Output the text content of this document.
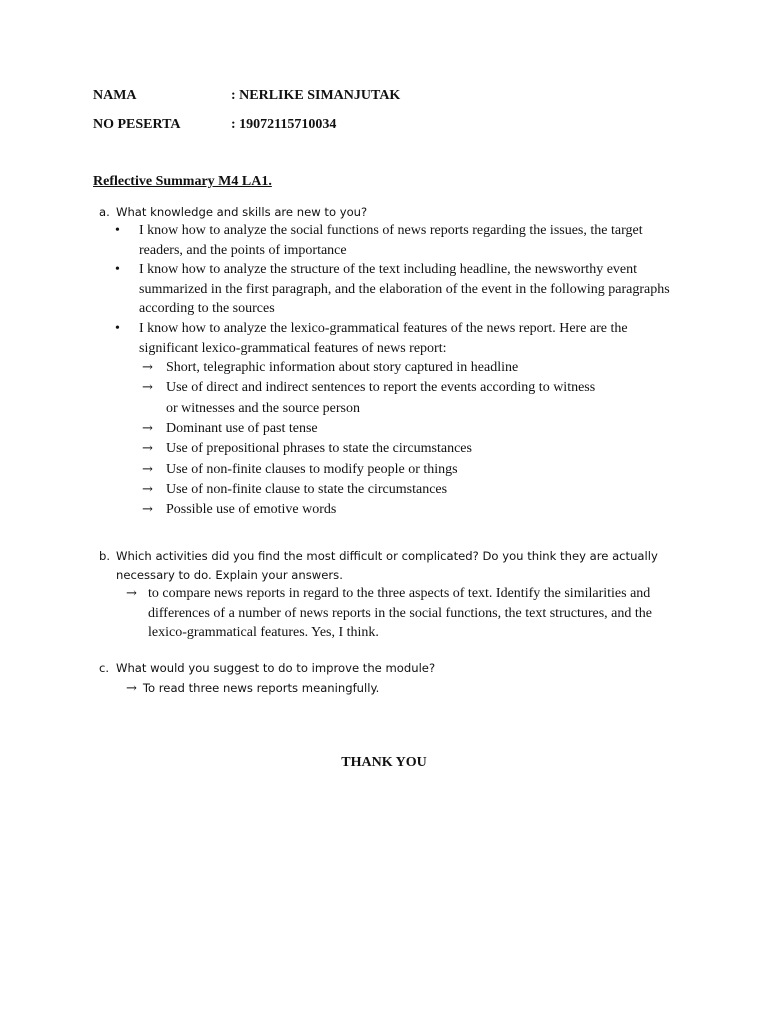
NAMA	: NERLIKE SIMANJUTAK
NO PESERTA	: 19072115710034
Reflective Summary M4 LA1.
a. What knowledge and skills are new to you?
• I know how to analyze the social functions of news reports regarding the issues, the target readers, and the points of importance
• I know how to analyze the structure of the text including headline, the newsworthy event summarized in the first paragraph, and the elaboration of the event in the following paragraphs according to the sources
• I know how to analyze the lexico-grammatical features of the news report. Here are the significant lexico-grammatical features of news report:
→ Short, telegraphic information about story captured in headline
→ Use of direct and indirect sentences to report the events according to witness   or witnesses and the source person
→ Dominant use of past tense
→ Use of prepositional phrases to state the circumstances
→ Use of non-finite clauses to modify people or things
→ Use of non-finite clause to state the circumstances
→ Possible use of emotive words
b. Which activities did you find the most difficult or complicated? Do you think they are actually necessary to do. Explain your answers.
→ to compare news reports in regard to the three aspects of text. Identify the similarities and differences of a number of news reports in the social functions, the text structures, and the lexico-grammatical features. Yes, I think.
c. What would you suggest to do to improve the module?
→ To read three news reports meaningfully.
THANK YOU
